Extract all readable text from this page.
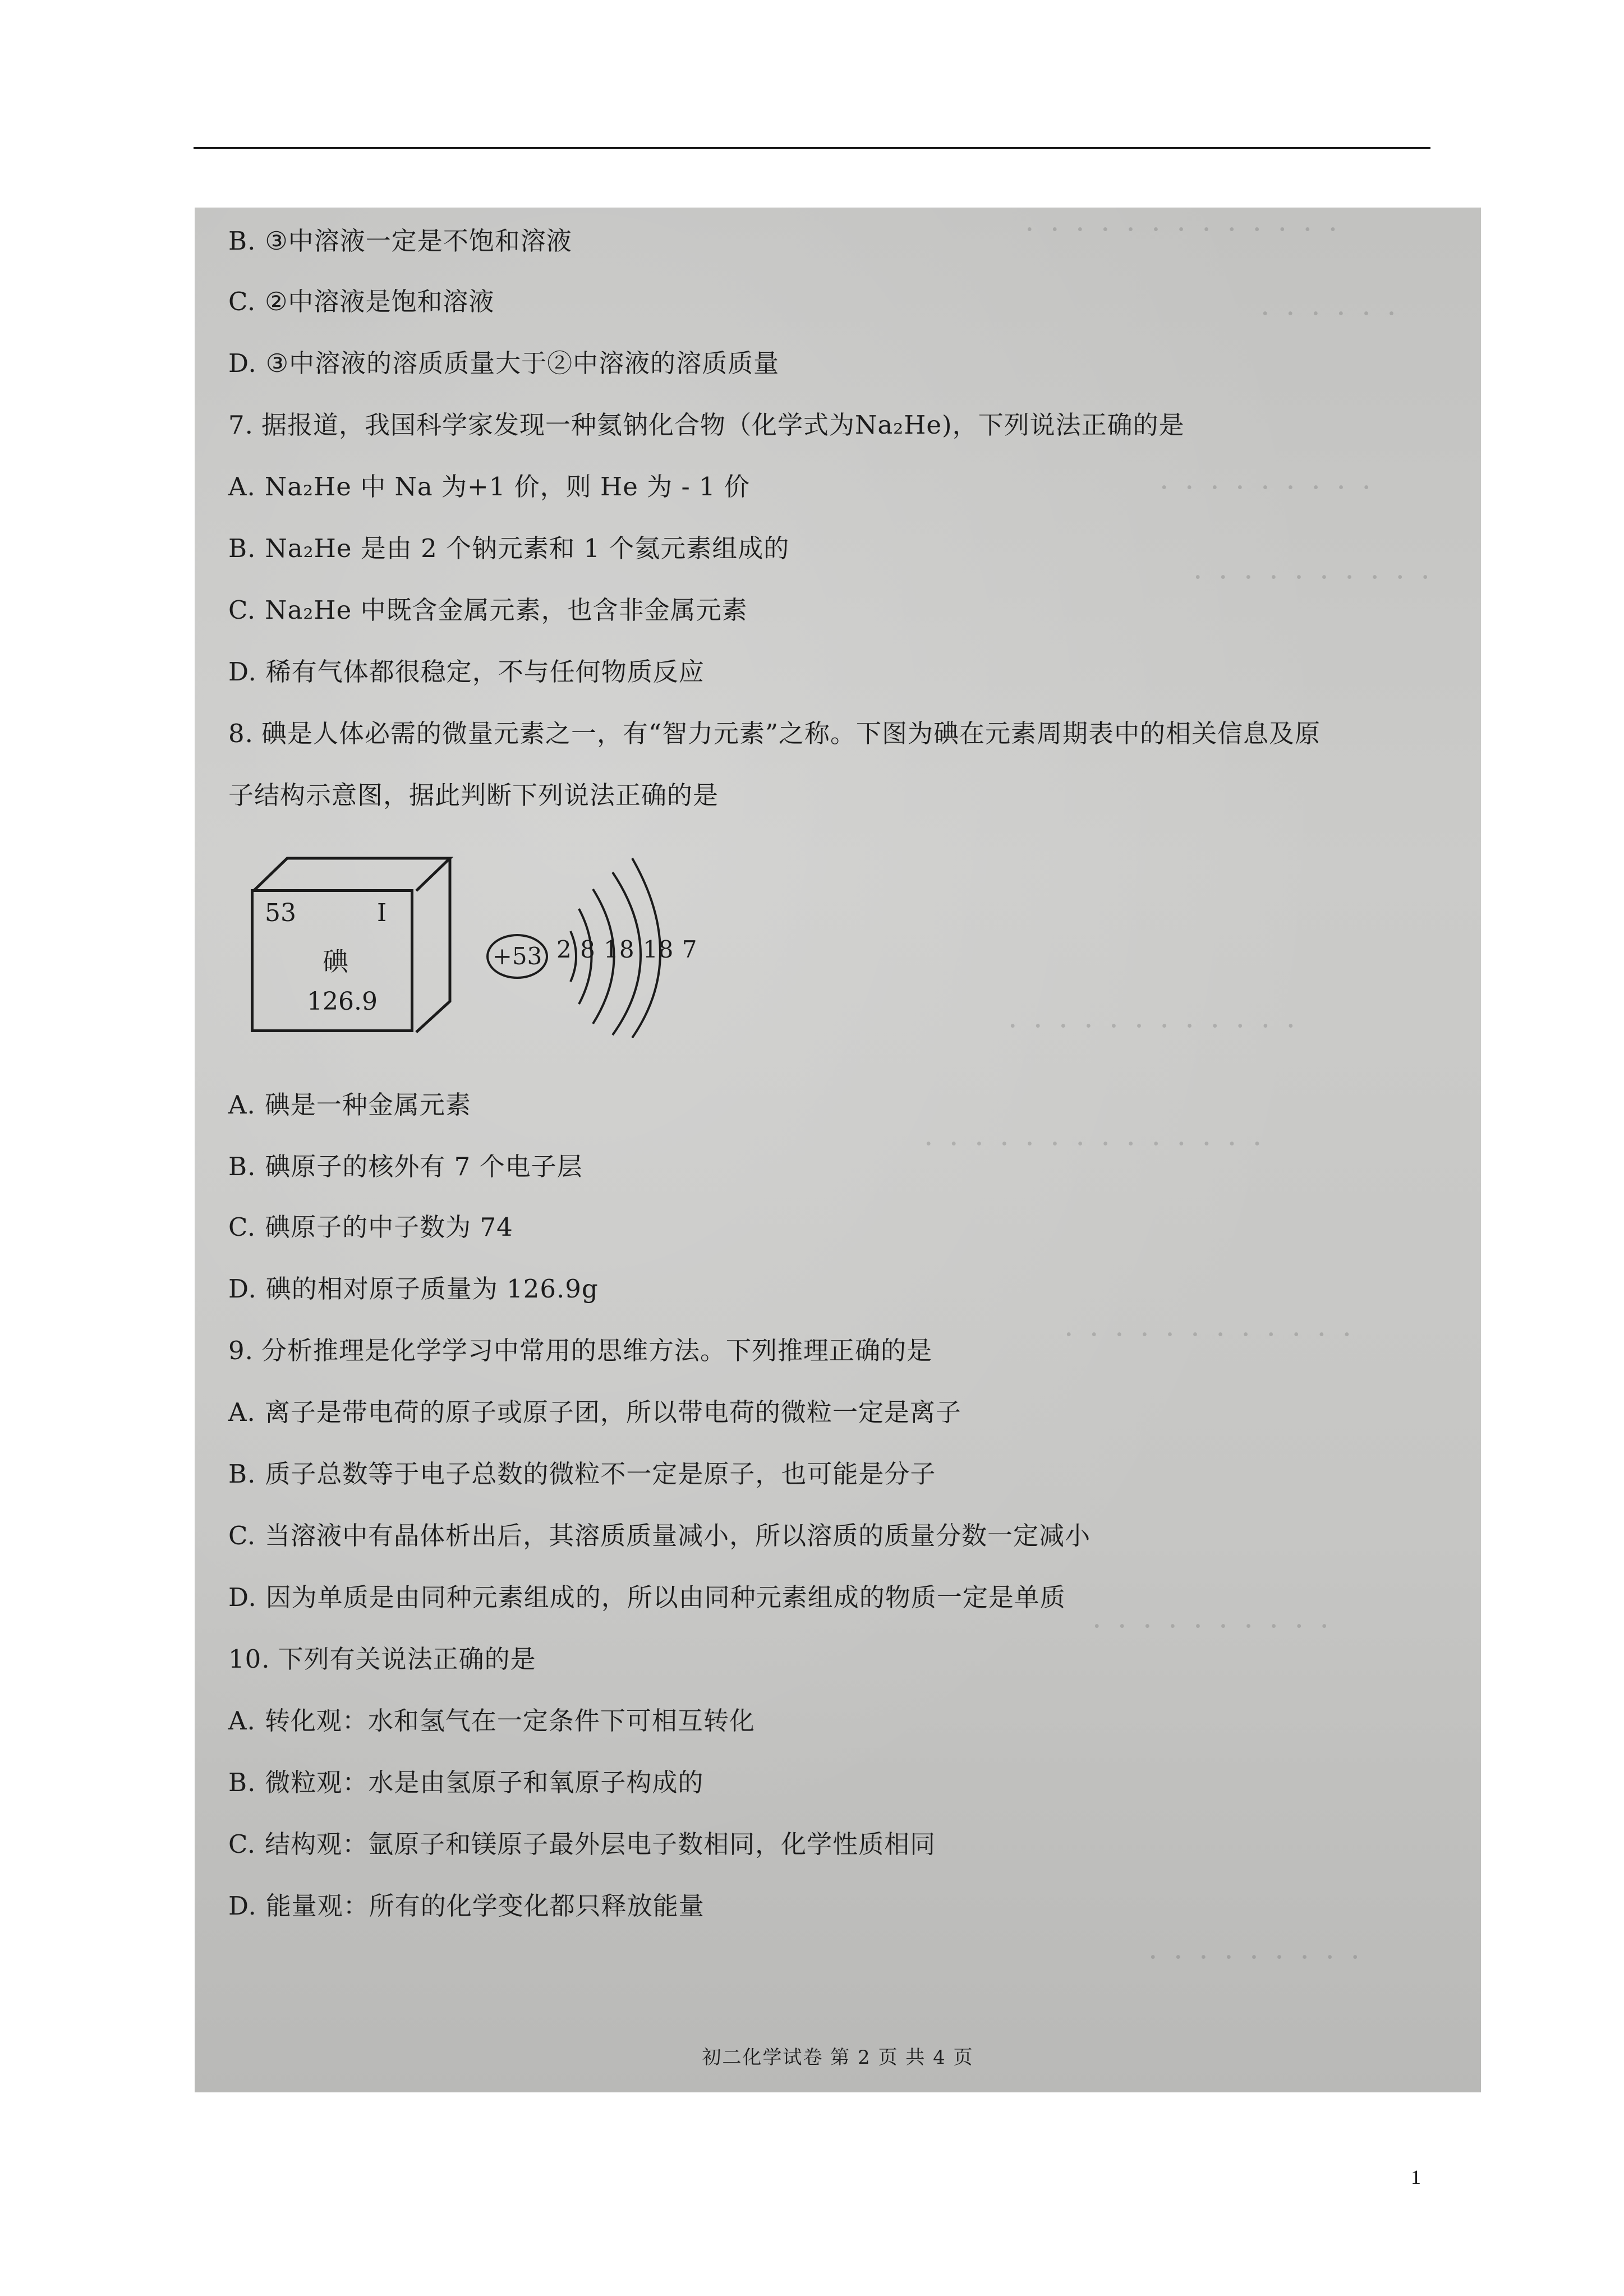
· · · · · · · · · · · · ·
· · · · · ·
· · · · · · · · ·
· · · · · · · · · ·
· · · · · · · · · · · ·
· · · · · · · · · · · · · ·
· · · · · · · · · · · ·
· · · · · · · · · ·
· · · · · · · · ·
B. ③中溶液一定是不饱和溶液
C. ②中溶液是饱和溶液
D. ③中溶液的溶质质量大于②中溶液的溶质质量
7. 据报道，我国科学家发现一种氦钠化合物（化学式为Na₂He)，下列说法正确的是
A. Na₂He 中 Na 为+1 价，则 He 为 - 1 价
B. Na₂He 是由 2 个钠元素和 1 个氦元素组成的
C. Na₂He 中既含金属元素，也含非金属元素
D. 稀有气体都很稳定，不与任何物质反应
8. 碘是人体必需的微量元素之一，有“智力元素”之称。下图为碘在元素周期表中的相关信息及原
子结构示意图，据此判断下列说法正确的是
A. 碘是一种金属元素
B. 碘原子的核外有 7 个电子层
C. 碘原子的中子数为 74
D. 碘的相对原子质量为 126.9g
9. 分析推理是化学学习中常用的思维方法。下列推理正确的是
A. 离子是带电荷的原子或原子团，所以带电荷的微粒一定是离子
B. 质子总数等于电子总数的微粒不一定是原子，也可能是分子
C. 当溶液中有晶体析出后，其溶质质量减小，所以溶质的质量分数一定减小
D. 因为单质是由同种元素组成的，所以由同种元素组成的物质一定是单质
10. 下列有关说法正确的是
A. 转化观：水和氢气在一定条件下可相互转化
B. 微粒观：水是由氢原子和氧原子构成的
C. 结构观：氩原子和镁原子最外层电子数相同，化学性质相同
D. 能量观：所有的化学变化都只释放能量
53	I
碘
126.9
+53 2 8 18 18 7
初二化学试卷 第 2 页 共 4 页
1
